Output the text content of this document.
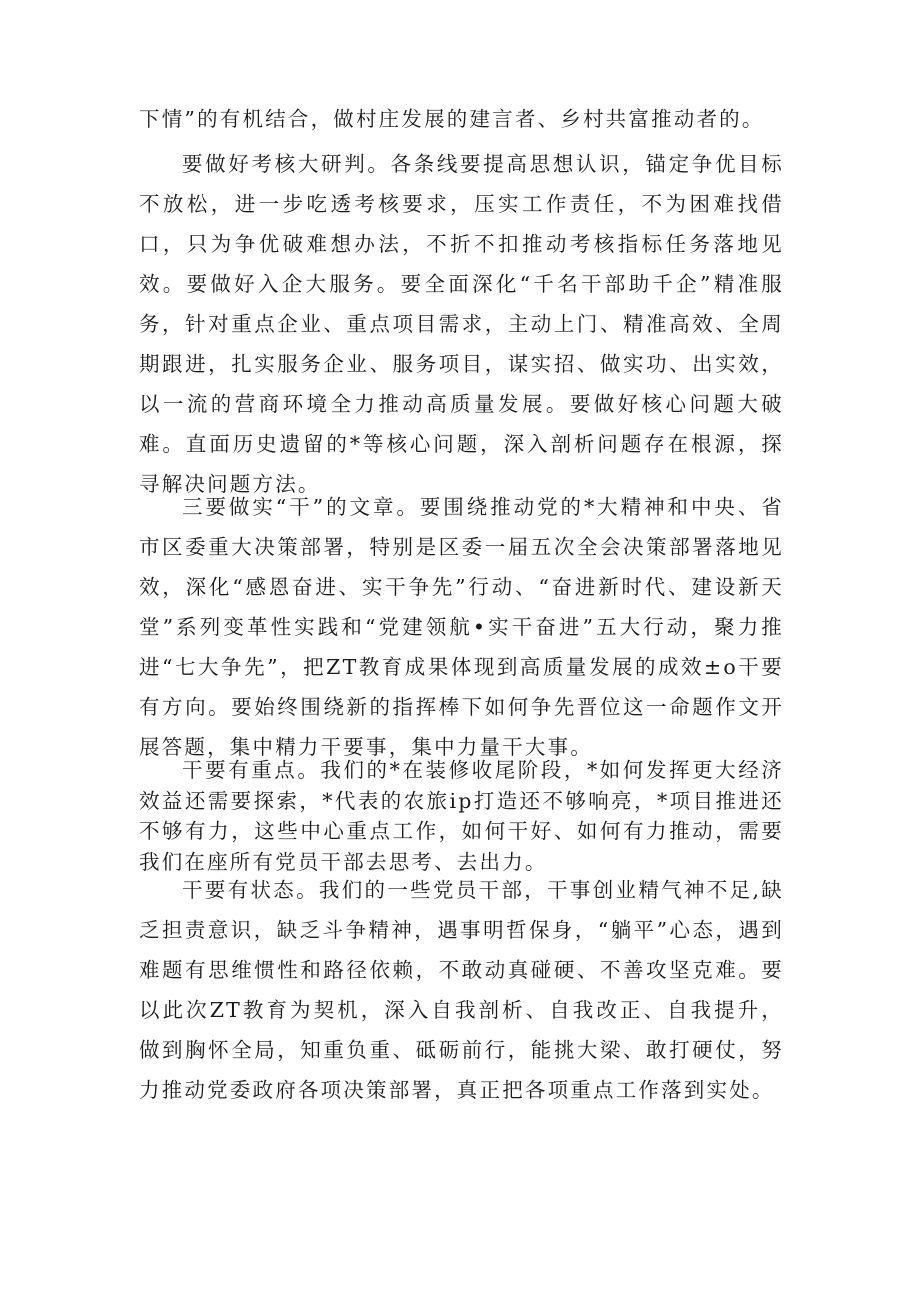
下情”的有机结合，做村庄发展的建言者、乡村共富推动者的。

要做好考核大研判。各条线要提高思想认识，锚定争优目标不放松，进一步吃透考核要求，压实工作责任，不为困难找借口，只为争优破难想办法，不折不扣推动考核指标任务落地见效。要做好入企大服务。要全面深化“千名干部助千企”精准服务，针对重点企业、重点项目需求，主动上门、精准高效、全周期跟进，扎实服务企业、服务项目，谋实招、做实功、出实效，以一流的营商环境全力推动高质量发展。要做好核心问题大破难。直面历史遗留的*等核心问题，深入剖析问题存在根源，探寻解决问题方法。

三要做实“干”的文章。要围绕推动党的*大精神和中央、省市区委重大决策部署，特别是区委一届五次全会决策部署落地见效，深化“感恩奋进、实干争先”行动、“奋进新时代、建设新天堂”系列变革性实践和“党建领航•实干奋进”五大行动，聚力推进“七大争先”，把ZT教育成果体现到高质量发展的成效±o干要有方向。要始终围绕新的指挥棒下如何争先晋位这一命题作文开展答题，集中精力干要事，集中力量干大事。

干要有重点。我们的*在装修收尾阶段，*如何发挥更大经济效益还需要探索，*代表的农旅ip打造还不够响亮，*项目推进还不够有力，这些中心重点工作，如何干好、如何有力推动，需要我们在座所有党员干部去思考、去出力。

干要有状态。我们的一些党员干部，干事创业精气神不足,缺乏担责意识，缺乏斗争精神，遇事明哲保身，“躺平”心态，遇到难题有思维惯性和路径依赖，不敢动真碰硬、不善攻坚克难。要以此次ZT教育为契机，深入自我剖析、自我改正、自我提升，做到胸怀全局，知重负重、砥砺前行，能挑大梁、敢打硬仗，努力推动党委政府各项决策部署，真正把各项重点工作落到实处。
